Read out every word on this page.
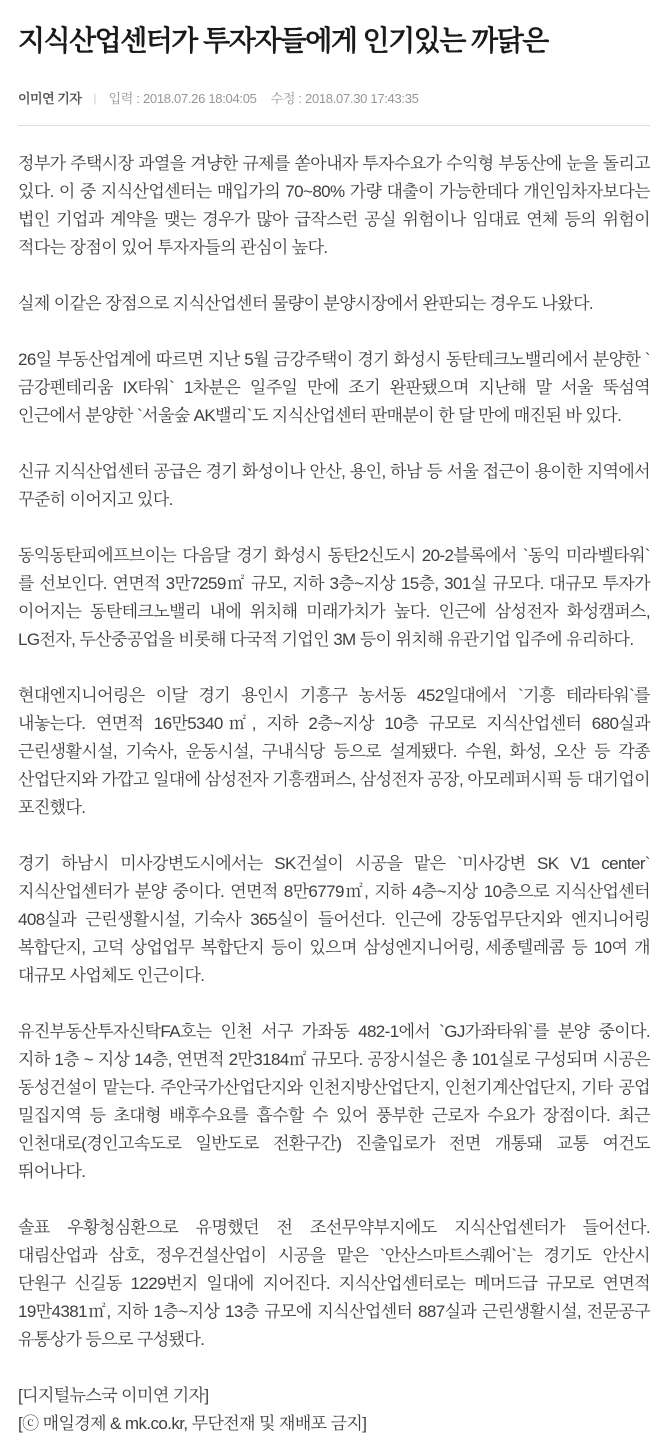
지식산업센터가 투자자들에게 인기있는 까닭은
이미연 기자 | 입력 : 2018.07.26 18:04:05 수정 : 2018.07.30 17:43:35

정부가 주택시장 과열을 겨냥한 규제를 쏟아내자 투자수요가 수익형 부동산에 눈을 돌리고 있다. 이 중 지식산업센터는 매입가의 70~80% 가량 대출이 가능한데다 개인임차자보다는 법인 기업과 계약을 맺는 경우가 많아 급작스런 공실 위험이나 임대료 연체 등의 위험이 적다는 장점이 있어 투자자들의 관심이 높다.

실제 이같은 장점으로 지식산업센터 물량이 분양시장에서 완판되는 경우도 나왔다.

26일 부동산업계에 따르면 지난 5월 금강주택이 경기 화성시 동탄테크노밸리에서 분양한 `금강펜테리움 IX타워` 1차분은 일주일 만에 조기 완판됐으며 지난해 말 서울 뚝섬역 인근에서 분양한 `서울숲 AK밸리`도 지식산업센터 판매분이 한 달 만에 매진된 바 있다.

신규 지식산업센터 공급은 경기 화성이나 안산, 용인, 하남 등 서울 접근이 용이한 지역에서 꾸준히 이어지고 있다.

동익동탄피에프브이는 다음달 경기 화성시 동탄2신도시 20-2블록에서 `동익 미라벨타워`를 선보인다. 연면적 3만7259㎡ 규모, 지하 3층~지상 15층, 301실 규모다. 대규모 투자가 이어지는 동탄테크노밸리 내에 위치해 미래가치가 높다. 인근에 삼성전자 화성캠퍼스, LG전자, 두산중공업을 비롯해 다국적 기업인 3M 등이 위치해 유관기업 입주에 유리하다.

현대엔지니어링은 이달 경기 용인시 기흥구 농서동 452일대에서 `기흥 테라타워`를 내놓는다. 연면적 16만5340㎡, 지하 2층~지상 10층 규모로 지식산업센터 680실과 근린생활시설, 기숙사, 운동시설, 구내식당 등으로 설계됐다. 수원, 화성, 오산 등 각종 산업단지와 가깝고 일대에 삼성전자 기흥캠퍼스, 삼성전자 공장, 아모레퍼시픽 등 대기업이 포진했다.

경기 하남시 미사강변도시에서는 SK건설이 시공을 맡은 `미사강변 SK V1 center` 지식산업센터가 분양 중이다. 연면적 8만6779㎡, 지하 4층~지상 10층으로 지식산업센터 408실과 근린생활시설, 기숙사 365실이 들어선다. 인근에 강동업무단지와 엔지니어링 복합단지, 고덕 상업업무 복합단지 등이 있으며 삼성엔지니어링, 세종텔레콤 등 10여 개 대규모 사업체도 인근이다.

유진부동산투자신탁FA호는 인천 서구 가좌동 482-1에서 `GJ가좌타워`를 분양 중이다. 지하 1층 ~ 지상 14층, 연면적 2만3184㎡ 규모다. 공장시설은 총 101실로 구성되며 시공은 동성건설이 맡는다. 주안국가산업단지와 인천지방산업단지, 인천기계산업단지, 기타 공업 밀집지역 등 초대형 배후수요를 흡수할 수 있어 풍부한 근로자 수요가 장점이다. 최근 인천대로(경인고속도로 일반도로 전환구간) 진출입로가 전면 개통돼 교통 여건도 뛰어나다.

솔표 우황청심환으로 유명했던 전 조선무약부지에도 지식산업센터가 들어선다. 대림산업과 삼호, 정우건설산업이 시공을 맡은 `안산스마트스퀘어`는 경기도 안산시 단원구 신길동 1229번지 일대에 지어진다. 지식산업센터로는 메머드급 규모로 연면적 19만4381㎡, 지하 1층~지상 13층 규모에 지식산업센터 887실과 근린생활시설, 전문공구 유통상가 등으로 구성됐다.

[디지털뉴스국 이미연 기자]
[ⓒ 매일경제 & mk.co.kr, 무단전재 및 재배포 금지]
